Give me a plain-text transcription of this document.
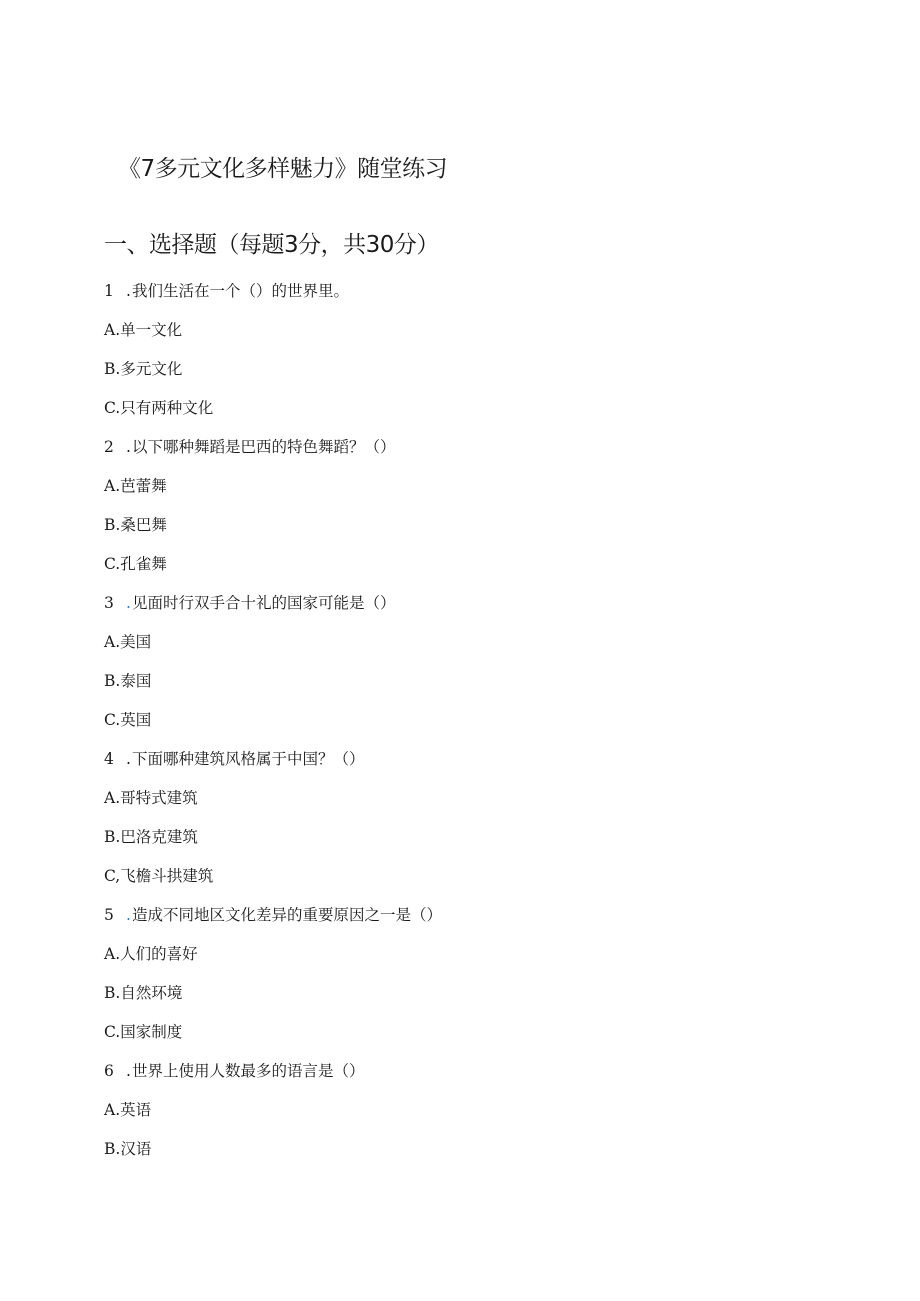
《7多元文化多样魅力》随堂练习
一、选择题（每题3分，共30分）
1 .我们生活在一个（）的世界里。
A.单一文化
B.多元文化
C.只有两种文化
2 .以下哪种舞蹈是巴西的特色舞蹈？（）
A.芭蕾舞
B.桑巴舞
C.孔雀舞
3 .见面时行双手合十礼的国家可能是（）
A.美国
B.泰国
C.英国
4 .下面哪种建筑风格属于中国？（）
A.哥特式建筑
B.巴洛克建筑
C,飞檐斗拱建筑
5 .造成不同地区文化差异的重要原因之一是（）
A.人们的喜好
B.自然环境
C.国家制度
6 .世界上使用人数最多的语言是（）
A.英语
B.汉语
